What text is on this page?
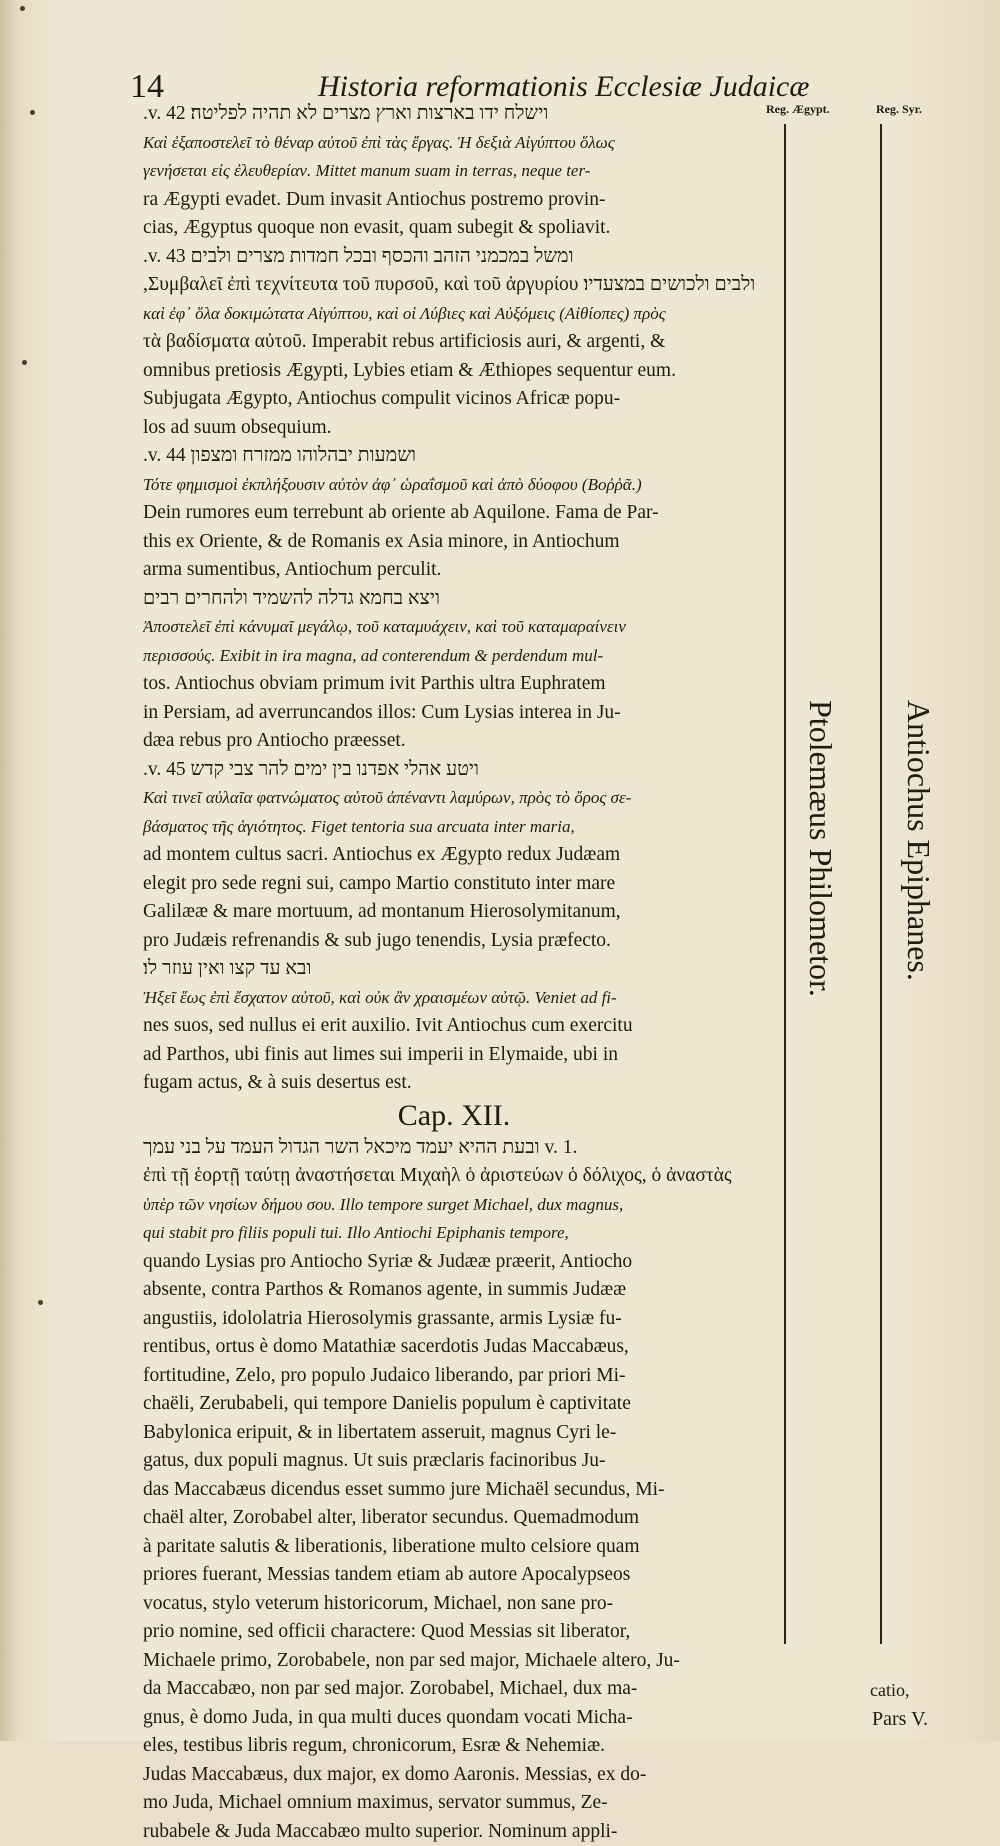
14	Historia reformationis Ecclesiæ Judaicæ
Reg. Ægypt.	Reg. Syr.
Ptolemæus Philometor. Antiochus Epiphanes.
וישלח ידו בארצות וארץ מצרים לא תהיה לפליטה׃ v. 42.
Καὶ ἐξαποστελεῖ τὸ θέναρ αὐτοῦ ἐπὶ τὰς ἔργας. Ἡ δεξιὰ Αἰγύπτου ὅλως
γενήσεται εἰς ἐλευθερίαν. Mittet manum suam in terras, neque ter-
ra Ægypti evadet. Dum invasit Antiochus postremo provin-
cias, Ægyptus quoque non evasit, quam subegit & spoliavit.
ומשל במכמני הזהב והכסף ובכל חמדות מצרים ולבים v. 43.
ולבים ולכושים במצעדיו׃ Συμβαλεῖ ἐπὶ τεχνίτευτα τοῦ πυρσοῦ, καὶ τοῦ ἀργυρίου,
καὶ ἐφ᾽ ὅλα δοκιμώτατα Αἰγύπτου, καὶ οἱ Λύβιες καὶ Αὐξόμεις (Αἰθίοπες) πρὸς
τὰ βαδίσματα αὐτοῦ. Imperabit rebus artificiosis auri, & argenti, &
omnibus pretiosis Ægypti, Lybies etiam & Æthiopes sequentur eum.
Subjugata Ægypto, Antiochus compulit vicinos Africæ popu-
los ad suum obsequium.
ושמעות יבהלוהו ממזרח ומצפון v. 44.
Τότε φημισμοὶ ἐκπλήξουσιν αὐτὸν ἀφ᾽ ὡραΐσμοῦ καὶ ἀπὸ δύοφου (Βοῤῥᾶ.)
Dein rumores eum terrebunt ab oriente ab Aquilone. Fama de Par-
this ex Oriente, & de Romanis ex Asia minore, in Antiochum
arma sumentibus, Antiochum perculit.
ויצא בחמא גדלה להשמיד ולהחרים רבים
Ἀποστελεῖ ἐπὶ κάνυμαῖ μεγάλῳ, τοῦ καταμυάχειν, καὶ τοῦ καταμαραίνειν
περισσούς. Exibit in ira magna, ad conterendum & perdendum mul-
tos. Antiochus obviam primum ivit Parthis ultra Euphratem
in Persiam, ad averruncandos illos: Cum Lysias interea in Ju-
dæa rebus pro Antiocho præesset.
ויטע אהלי אפדנו בין ימים להר צבי קדש v. 45.
Καὶ τινεῖ αὐλαῖα φατνώματος αὐτοῦ ἀπέναντι λαμύρων, πρὸς τὸ ὄρος σε-
βάσματος τῆς ἁγιότητος. Figet tentoria sua arcuata inter maria,
ad montem cultus sacri. Antiochus ex Ægypto redux Judæam
elegit pro sede regni sui, campo Martio constituto inter mare
Galilææ & mare mortuum, ad montanum Hierosolymitanum,
pro Judæis refrenandis & sub jugo tenendis, Lysia præfecto.
ובא עד קצו ואין עוזר לו׃
Ἠξεῖ ἕως ἐπὶ ἔσχατον αὐτοῦ, καὶ οὐκ ἂν χραισμέων αὐτῷ. Veniet ad fi-
nes suos, sed nullus ei erit auxilio. Ivit Antiochus cum exercitu
ad Parthos, ubi finis aut limes sui imperii in Elymaide, ubi in
fugam actus, & à suis desertus est.
Cap. XII.
ובעת ההיא יעמד מיכאל השר הגדול העמד על בני עמך v. 1.
ἐπὶ τῇ ἑορτῇ ταύτῃ ἀναστήσεται Μιχαὴλ ὁ ἀριστεύων ὁ δόλιχος, ὁ ἀναστὰς
ὑπὲρ τῶν νησίων δήμου σου. Illo tempore surget Michael, dux magnus,
qui stabit pro filiis populi tui. Illo Antiochi Epiphanis tempore,
quando Lysias pro Antiocho Syriæ & Judææ præerit, Antiocho
absente, contra Parthos & Romanos agente, in summis Judææ
angustiis, idololatria Hierosolymis grassante, armis Lysiæ fu-
rentibus, ortus è domo Matathiæ sacerdotis Judas Maccabæus,
fortitudine, Zelo, pro populo Judaico liberando, par priori Mi-
chaëli, Zerubabeli, qui tempore Danielis populum è captivitate
Babylonica eripuit, & in libertatem asseruit, magnus Cyri le-
gatus, dux populi magnus. Ut suis præclaris facinoribus Ju-
das Maccabæus dicendus esset summo jure Michaël secundus, Mi-
chaël alter, Zorobabel alter, liberator secundus. Quemadmodum
à paritate salutis & liberationis, liberatione multo celsiore quam
priores fuerant, Messias tandem etiam ab autore Apocalypseos
vocatus, stylo veterum historicorum, Michael, non sane pro-
prio nomine, sed officii charactere: Quod Messias sit liberator,
Michaele primo, Zorobabele, non par sed major, Michaele altero, Ju-
da Maccabæo, non par sed major. Zorobabel, Michael, dux ma-
gnus, è domo Juda, in qua multi duces quondam vocati Micha-
eles, testibus libris regum, chronicorum, Esræ & Nehemiæ.
Judas Maccabæus, dux major, ex domo Aaronis. Messias, ex do-
mo Juda, Michael omnium maximus, servator summus, Ze-
rubabele & Juda Maccabæo multo superior. Nominum appli-
catio,
Pars V.
